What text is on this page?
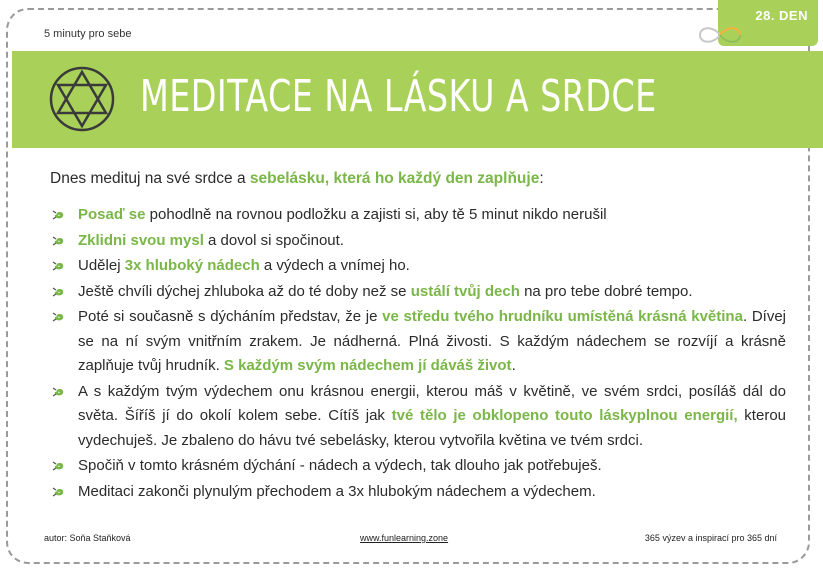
5 minuty pro sebe
28. DEN
MEDITACE NA LÁSKU A SRDCE
Dnes medituj na své srdce a sebelásku, která ho každý den zaplňuje:
Posaď se pohodlně na rovnou podložku a zajisti si, aby tě 5 minut nikdo nerušil
Zklidni svou mysl a dovol si spočinout.
Udělej 3x hluboký nádech a výdech a vnímej ho.
Ještě chvíli dýchej zhluboka až do té doby než se ustálí tvůj dech na pro tebe dobré tempo.
Poté si současně s dýcháním představ, že je ve středu tvého hrudníku umístěná krásná květina. Dívej se na ní svým vnitřním zrakem. Je nádherná. Plná živosti. S každým nádechem se rozvíjí a krásně zaplňuje tvůj hrudník. S každým svým nádechem jí dáváš život.
A s každým tvým výdechem onu krásnou energii, kterou máš v květině, ve svém srdci, posíláš dál do světa. Šíříš jí do okolí kolem sebe. Cítíš jak tvé tělo je obklopeno touto láskyplnou energií, kterou vydechuješ. Je zbaleno do hávu tvé sebelásky, kterou vytvořila květina ve tvém srdci.
Spočiň v tomto krásném dýchání - nádech a výdech, tak dlouho jak potřebuješ.
Meditaci zakonči plynulým přechodem a 3x hlubokým nádechem a výdechem.
autor: Soňa Staňková	www.funlearning.zone	365 výzev a inspirací pro 365 dní
